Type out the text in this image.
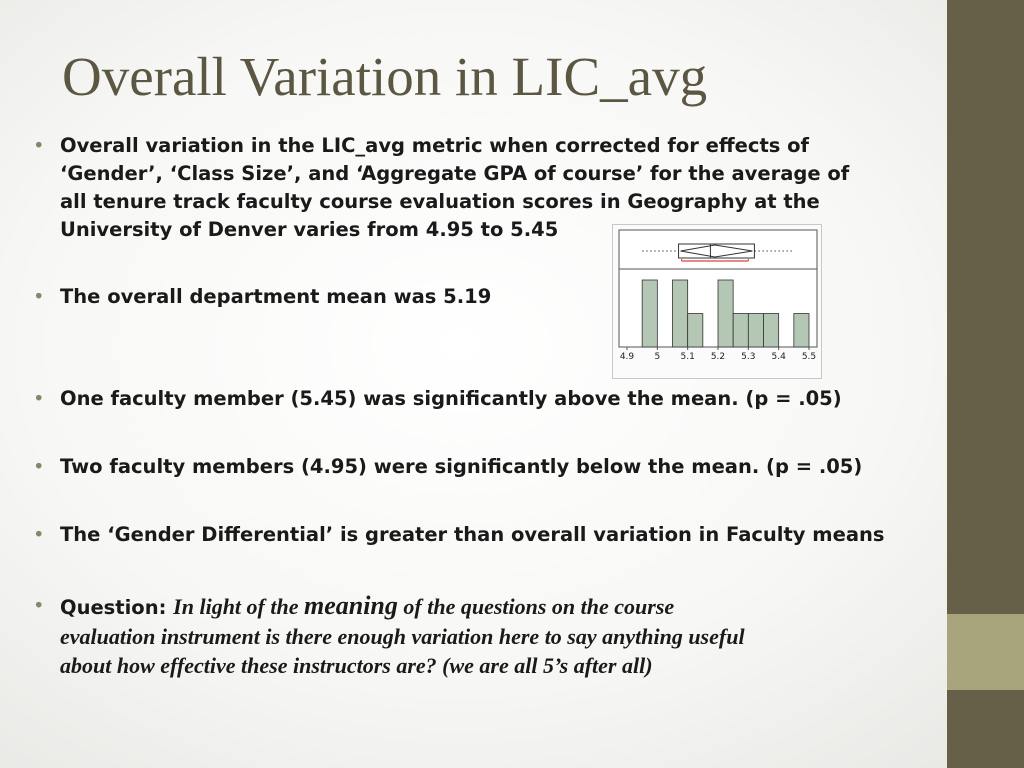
Overall Variation in LIC_avg
• Overall variation in the LIC_avg metric when corrected for effects of ‘Gender’, ‘Class Size’, and ‘Aggregate GPA of course’ for the average of all tenure track faculty course evaluation scores in Geography at the University of Denver varies from 4.95 to 5.45
• The overall department mean was 5.19
• One faculty member (5.45) was significantly above the mean. (p = .05)
• Two faculty members (4.95) were significantly below the mean. (p = .05)
• The ‘Gender Differential’ is greater than overall variation in Faculty means
• Question: In light of the meaning of the questions on the course
evaluation instrument is there enough variation here to say anything useful
about how effective these instructors are? (we are all 5’s after all)
4.9 5 5.1 5.2 5.3 5.4 5.5
